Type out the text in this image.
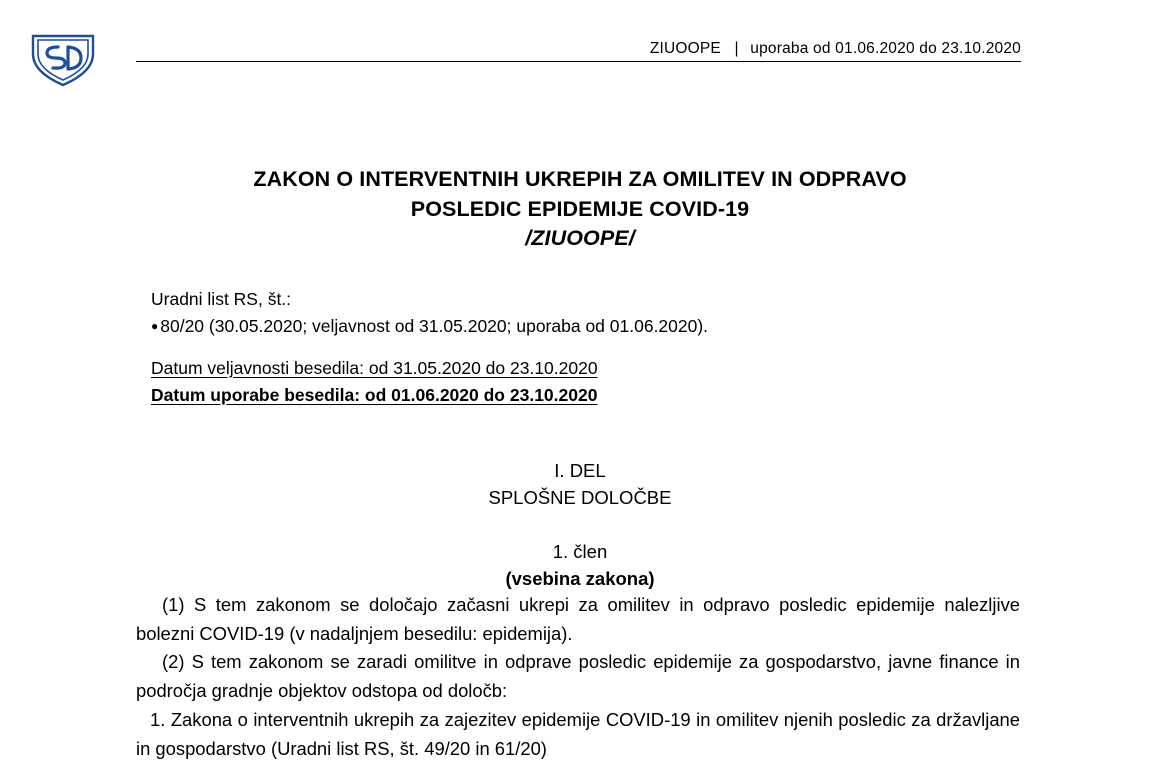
ZIUOOPE | uporaba od 01.06.2020 do 23.10.2020
ZAKON O INTERVENTNIH UKREPIH ZA OMILITEV IN ODPRAVO
POSLEDIC EPIDEMIJE COVID-19
/ZIUOOPE/
Uradni list RS, št.:
● 80/20 (30.05.2020; veljavnost od 31.05.2020; uporaba od 01.06.2020).
Datum veljavnosti besedila: od 31.05.2020 do 23.10.2020
Datum uporabe besedila: od 01.06.2020 do 23.10.2020
I. DEL
SPLOŠNE DOLOČBE
1. člen
(vsebina zakona)

(1) S tem zakonom se določajo začasni ukrepi za omilitev in odpravo posledic epidemije nalezljive bolezni COVID-19 (v nadaljnjem besedilu: epidemija).

(2) S tem zakonom se zaradi omilitve in odprave posledic epidemije za gospodarstvo, javne finance in področja gradnje objektov odstopa od določb:

1. Zakona o interventnih ukrepih za zajezitev epidemije COVID-19 in omilitev njenih posledic za državljane in gospodarstvo (Uradni list RS, št. 49/20 in 61/20)
